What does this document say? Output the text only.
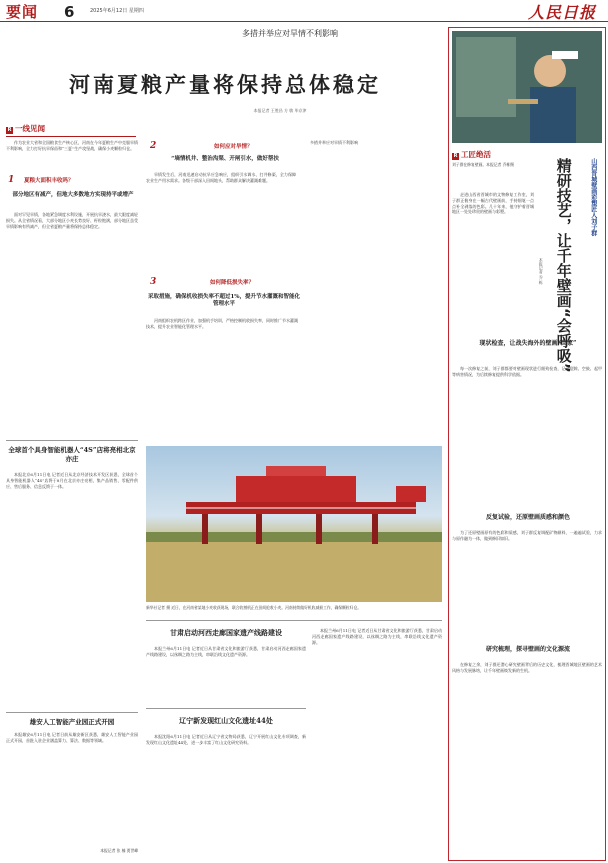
要闻 6	2025年6月12日 星期四	人民日报
多措并举应对旱情不利影响
河南夏粮产量将保持总体稳定
本报记者 王胜昌 方 敏 毕京津
R 一线见闻

作为农业大省和全国粮食生产核心区，河南在今年夏粮生产中克服旱情不利影响，全力打好抗旱保苗和“三夏”生产攻坚战，确保小麦颗粒归仓。

1 夏粮大面积丰收吗？
部分地区有减产，但地大多数地方实现持平或增产

面对罕见旱情，各地紧急调度水利设施，开展抗旱浇水，最大限度减轻损失。从全省情况看，大部分地区小麦长势良好、籽粒饱满，部分地区虽受旱情影响有所减产，但全省夏粮产量将保持总体稳定。

2	如何应对旱情？
“墒情机井、整治沟渠、开闸引水，做好帮扶

旱情发生后，河南迅速启动抗旱应急响应，组织引水调水、打井修渠，全力保障农业生产用水需求。各级干部深入田间地头，帮助群众解决灌溉难题。

多措并举应对旱情不利影响

3	如何降低损失率？
采取措施，确保机收损失率不超过1%，提升节水灌溉和智能化管理水平

河南组织农机跨区作业，加强机手培训，严格控制机收损失率，同时推广节水灌溉技术，提升农业智能化管理水平。

新华社记者 摄 近日，在河南省某地小麦收获现场，联合收割机正在田间抢收小麦。河南持续做好机收减损工作，确保颗粒归仓。
全球首个具身智能机器人“4S”店将亮相北京亦庄

本报北京6月11日电 记者近日从北京经济技术开发区获悉，全球首个具身智能机器人“4S”店将于8月在北京亦庄亮相，集产品销售、零配件供应、售后服务、信息反馈于一体。

雄安人工智能产业园正式开园

本报雄安6月11日电 记者日前从雄安新区获悉，雄安人工智能产业园正式开园，首批入驻企业涵盖算力、算法、数据等领域。

本报记者 张 楠 贾世峰
甘肃启动河西走廊国家遗产线路建设

本报兰州6月11日电 记者近日从甘肃省文化和旅游厅获悉，甘肃启动河西走廊国家遗产线路建设，以丝绸之路为主线，串联沿线文化遗产资源。

辽宁新发现红山文化遗址44处

本报沈阳6月11日电 记者近日从辽宁省文物局获悉，辽宁开展红山文化专项调查，新发现红山文化遗址44处，进一步丰富了红山文化研究资料。

本报兰州6月11日电 记者近日从甘肃省文化和旅游厅获悉，甘肃启动河西走廊国家遗产线路建设，以丝绸之路为主线，串联沿线文化遗产资源。

R 工匠绝活
刘子群在修复壁画。本报记者 乔栋摄	精研技艺，让千年壁画“会呼吸”	山西晋城壁画彩塑匠人刘子群
本报记者 乔 栋

走进山西省晋城市的文物修复工作室，刘子群正俯身在一幅古代壁画前，手持细笔一点点补全剥落的色彩。几十年来，他守护着晋城地区一处处珍贵的壁画与彩塑。

现状检查，让战失海外的壁画“回家”

每一次修复之前，刘子群都要对壁画现状进行细致检查，记录裂隙、空鼓、起甲等病害情况，为后续修复提供科学依据。

反复试验，还原壁画质感和颜色

为了还原壁画原有的色彩和质感，刘子群反复调配矿物颜料，一遍遍试验，力求与原作融为一体，做到修旧如旧。

研究梳理，探寻壁画的文化源流

在修复之余，刘子群还潜心研究壁画背后的历史文化，梳理晋城地区壁画的艺术风格与发展脉络，让千年壁画焕发新的生机。
